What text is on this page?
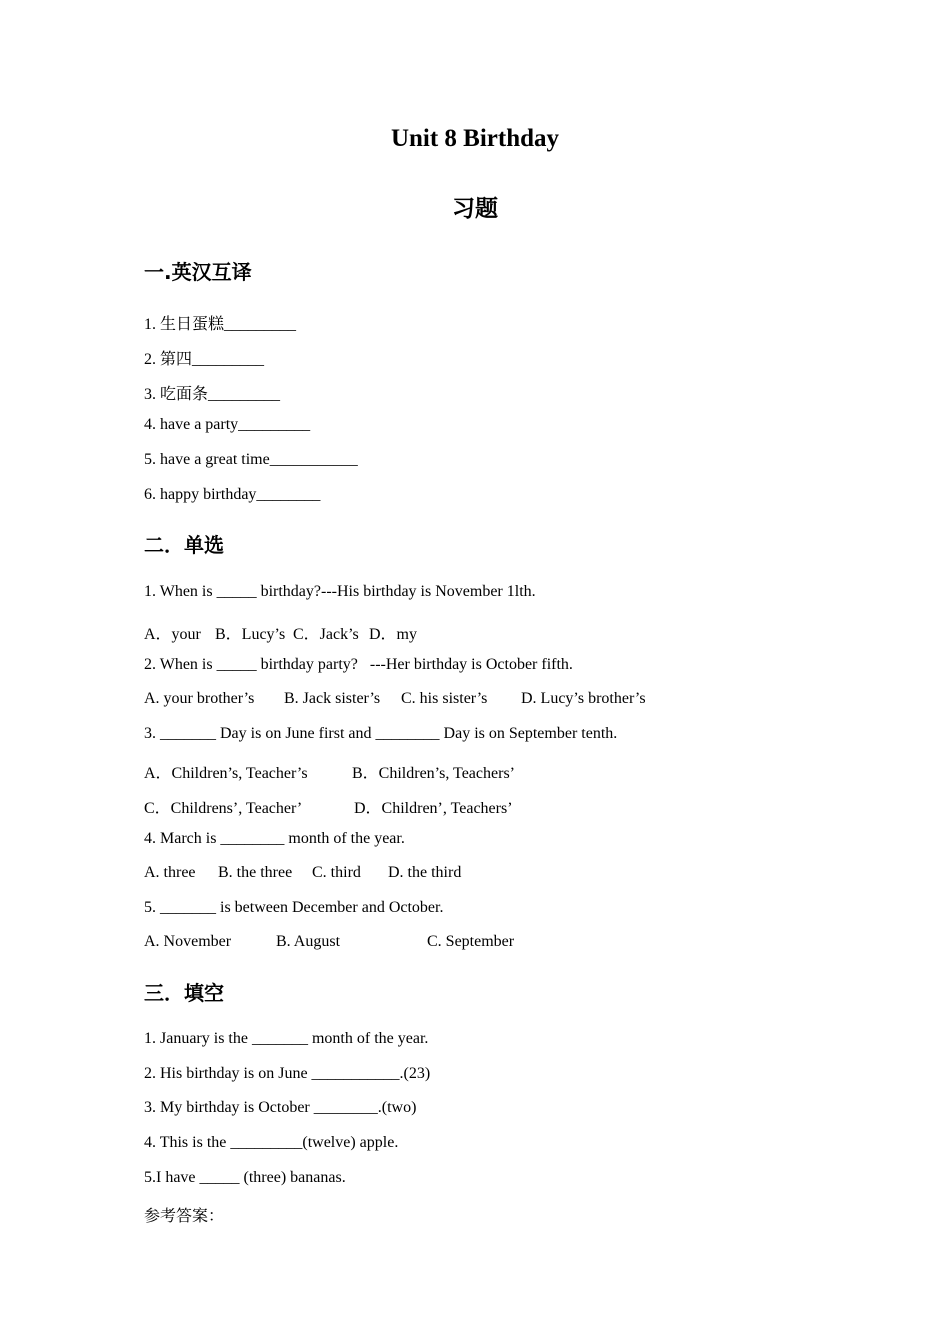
Unit 8 Birthday
习题
一.英汉互译

1. 生日蛋糕_________

2. 第四_________

3. 吃面条_________

4. have a party_________

5. have a great time___________

6. happy birthday________

二．单选

1. When is _____ birthday?---His birthday is November 1lth.

A．your

B．Lucy’s

C．Jack’s

D．my

2. When is _____ birthday party?   ---Her birthday is October fifth.

A. your brother’s

B. Jack sister’s

C. his sister’s

D. Lucy’s brother’s

3. _______ Day is on June first and ________ Day is on September tenth.

A．Children’s, Teacher’s

	B．Children’s, Teachers’

C．Childrens’, Teacher’

	D．Children’, Teachers’

4. March is ________ month of the year.

A. three

B. the three

C. third

D. the third

5. _______ is between December and October.

A. November

	B. August

	C. September

三．填空

1. January is the _______ month of the year.

2. His birthday is on June ___________.(23)

3. My birthday is October ________.(two)

4. This is the _________(twelve) apple.

5.I have _____ (three) bananas.

参考答案：
